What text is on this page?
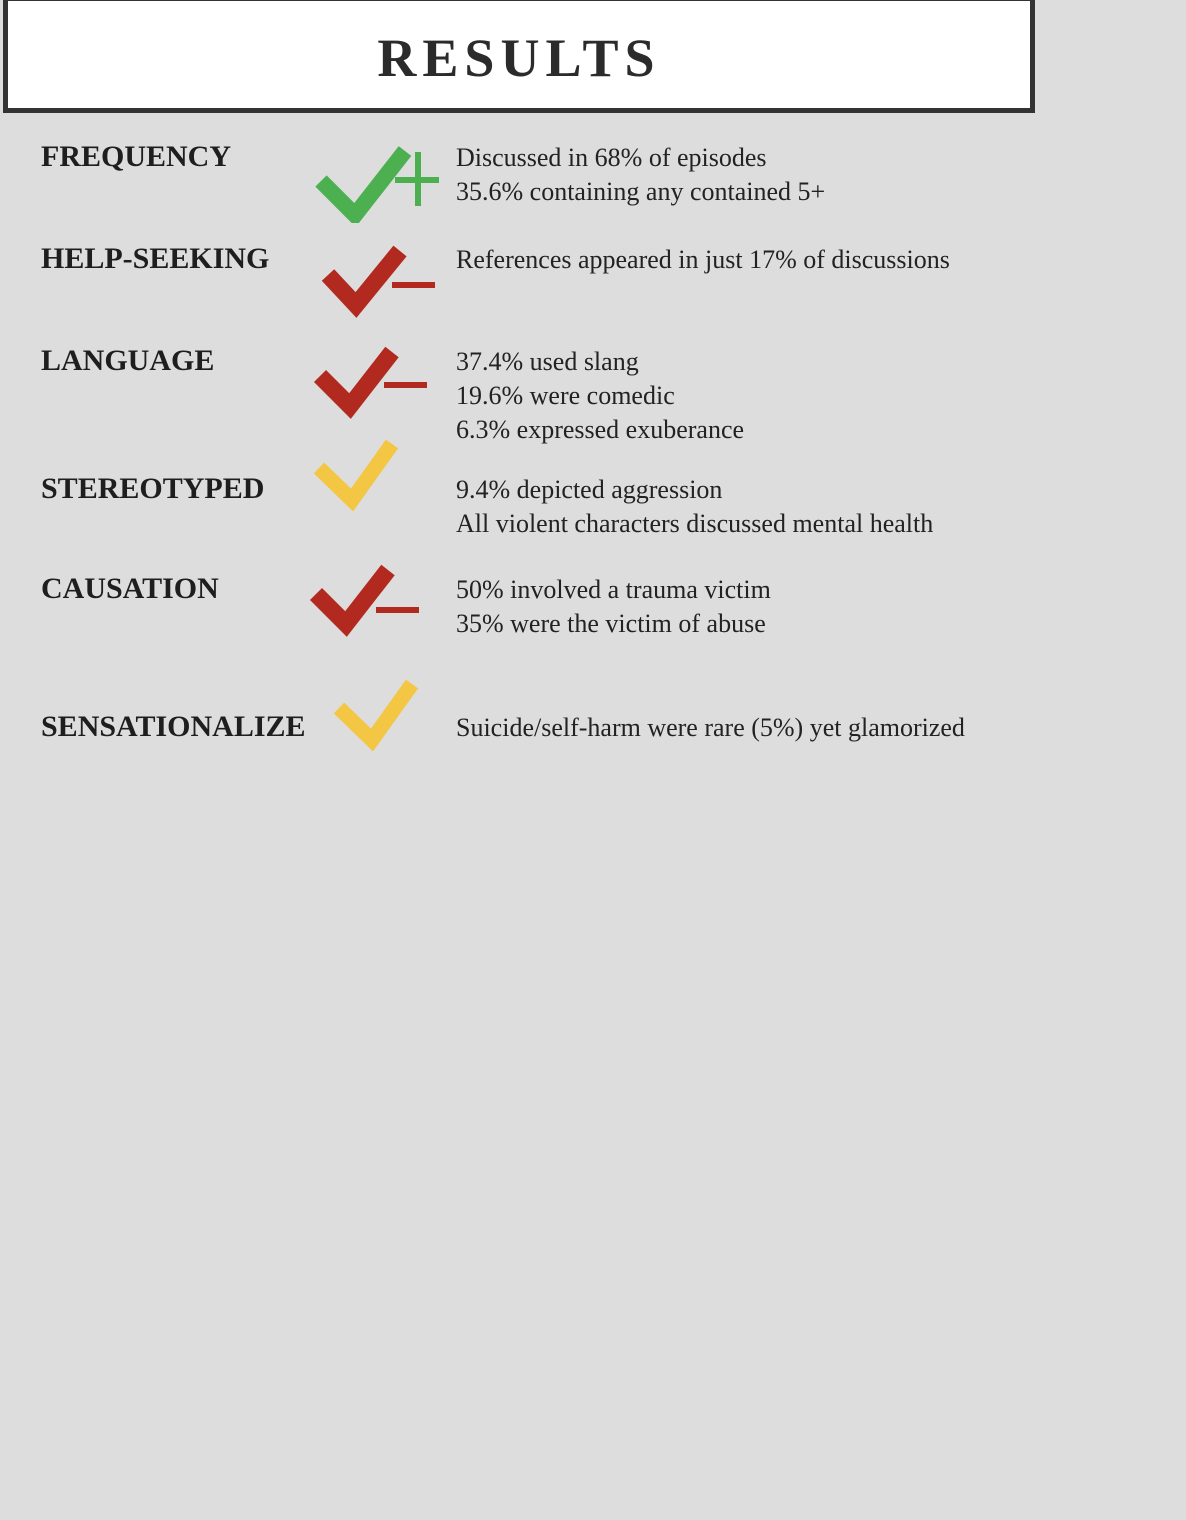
RESULTS
FREQUENCY	Discussed in 68% of episodes
35.6% containing any contained 5+
HELP-SEEKING	References appeared in just 17% of discussions
LANGUAGE	37.4% used slang
19.6% were comedic
6.3% expressed exuberance
STEREOTYPED	9.4% depicted aggression
All violent characters discussed mental health
CAUSATION	50% involved a trauma victim
35% were the victim of abuse
SENSATIONALIZE	Suicide/self-harm were rare (5%) yet glamorized
